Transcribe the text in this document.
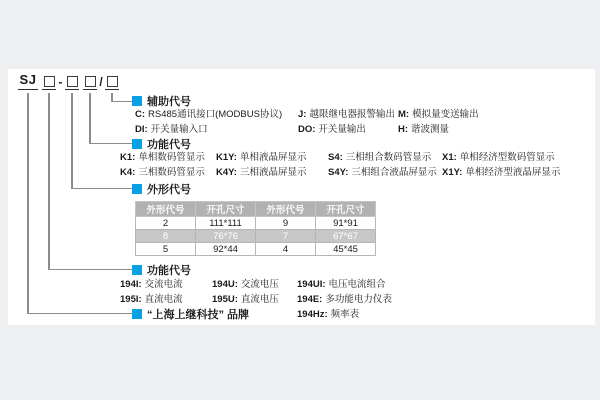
SJ -	/
辅助代号
C: RS485通讯接口(MODBUS协议)	J: 越限继电器报警输出 M: 模拟量变送输出
DI: 开关量输入口	DO: 开关量输出	H: 谐波测量
功能代号
K1: 单相数码管显示	K1Y: 单相液晶屏显示	S4: 三相组合数码管显示	X1: 单相经济型数码管显示
K4: 三相数码管显示	K4Y: 三相液晶屏显示	S4Y: 三相组合液晶屏显示 X1Y: 单相经济型液晶屏显示
外形代号
外形代号	开孔尺寸	外形代号	开孔尺寸
2	111*111	9	91*91
8	76*76	7	67*67
5	92*44	4	45*45
功能代号
194I: 交流电流	194U: 交流电压	194UI: 电压电流组合
195I: 直流电流	195U: 直流电压	194E: 多功能电力仪表
194Hz: 频率表
“上海上继科技” 品牌
